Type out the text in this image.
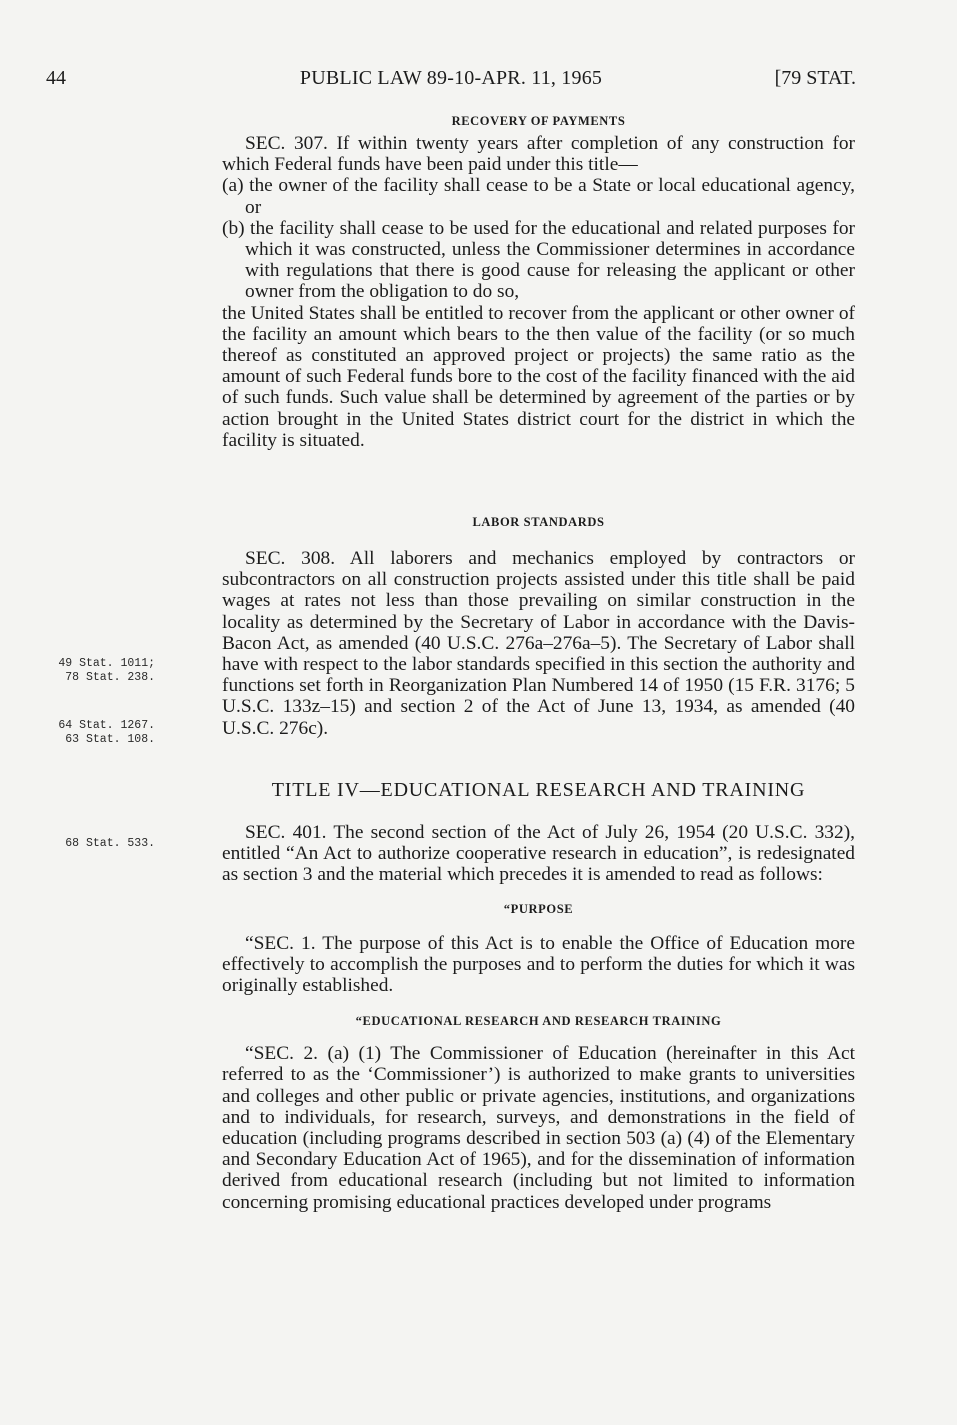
44	PUBLIC LAW 89-10-APR. 11, 1965	[79 STAT.

RECOVERY OF PAYMENTS

SEC. 307. If within twenty years after completion of any construction for which Federal funds have been paid under this title—

(a) the owner of the facility shall cease to be a State or local educational agency, or

(b) the facility shall cease to be used for the educational and related purposes for which it was constructed, unless the Commissioner determines in accordance with regulations that there is good cause for releasing the applicant or other owner from the obligation to do so,

the United States shall be entitled to recover from the applicant or other owner of the facility an amount which bears to the then value of the facility (or so much thereof as constituted an approved project or projects) the same ratio as the amount of such Federal funds bore to the cost of the facility financed with the aid of such funds. Such value shall be determined by agreement of the parties or by action brought in the United States district court for the district in which the facility is situated.

LABOR STANDARDS

SEC. 308. All laborers and mechanics employed by contractors or subcontractors on all construction projects assisted under this title shall be paid wages at rates not less than those prevailing on similar construction in the locality as determined by the Secretary of Labor in accordance with the Davis-Bacon Act, as amended (40 U.S.C. 276a–276a–5). The Secretary of Labor shall have with respect to the labor standards specified in this section the authority and functions set forth in Reorganization Plan Numbered 14 of 1950 (15 F.R. 3176; 5 U.S.C. 133z–15) and section 2 of the Act of June 13, 1934, as amended (40 U.S.C. 276c).

TITLE IV—EDUCATIONAL RESEARCH AND TRAINING

SEC. 401. The second section of the Act of July 26, 1954 (20 U.S.C. 332), entitled “An Act to authorize cooperative research in education”, is redesignated as section 3 and the material which precedes it is amended to read as follows:

“PURPOSE

“SEC. 1. The purpose of this Act is to enable the Office of Education more effectively to accomplish the purposes and to perform the duties for which it was originally established.

“EDUCATIONAL RESEARCH AND RESEARCH TRAINING

“SEC. 2. (a) (1) The Commissioner of Education (hereinafter in this Act referred to as the ‘Commissioner’) is authorized to make grants to universities and colleges and other public or private agencies, institutions, and organizations and to individuals, for research, surveys, and demonstrations in the field of education (including programs described in section 503 (a) (4) of the Elementary and Secondary Education Act of 1965), and for the dissemination of information derived from educational research (including but not limited to information concerning promising educational practices developed under programs

49 Stat. 1011;
78 Stat. 238.
64 Stat. 1267.
63 Stat. 108.
68 Stat. 533.
